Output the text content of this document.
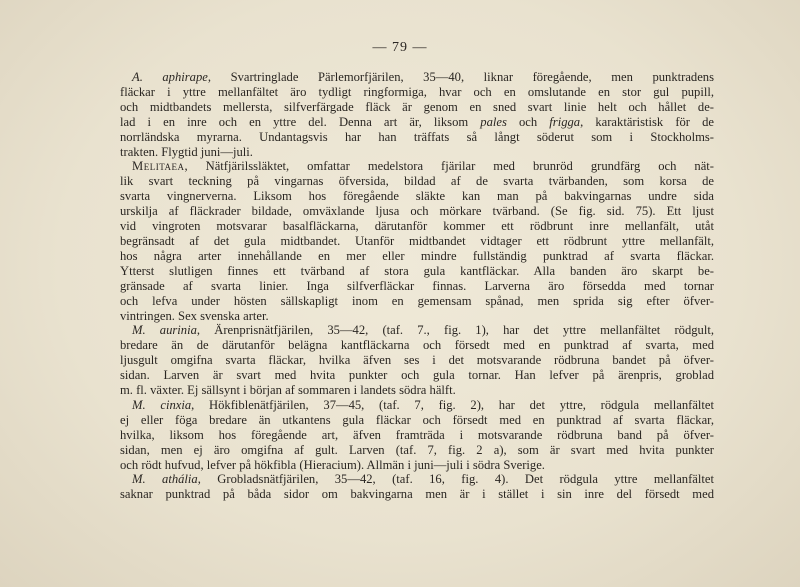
— 79 —
A. aphirape, Svartringlade Pärlemorfjärilen, 35—40, liknar föregående, men punktradens
fläckar i yttre mellanfältet äro tydligt ringformiga, hvar och en omslutande en stor gul pupill,
och midtbandets mellersta, silfverfärgade fläck är genom en sned svart linie helt och hållet de-
lad i en inre och en yttre del. Denna art är, liksom pales och frigga, karaktäristisk för de
norrländska myrarna. Undantagsvis har han träffats så långt söderut som i Stockholms-
trakten. Flygtid juni—juli.
Melitaea, Nätfjärilssläktet, omfattar medelstora fjärilar med brunröd grundfärg och nät-
lik svart teckning på vingarnas öfversida, bildad af de svarta tvärbanden, som korsa de
svarta vingnerverna. Liksom hos föregående släkte kan man på bakvingarnas undre sida
urskilja af fläckrader bildade, omväxlande ljusa och mörkare tvärband. (Se fig. sid. 75). Ett ljust
vid vingroten motsvarar basalfläckarna, därutanför kommer ett rödbrunt inre mellanfält, utåt
begränsadt af det gula midtbandet. Utanför midtbandet vidtager ett rödbrunt yttre mellanfält,
hos några arter innehållande en mer eller mindre fullständig punktrad af svarta fläckar.
Ytterst slutligen finnes ett tvärband af stora gula kantfläckar. Alla banden äro skarpt be-
gränsade af svarta linier. Inga silfverfläckar finnas. Larverna äro försedda med tornar
och lefva under hösten sällskapligt inom en gemensam spånad, men sprida sig efter öfver-
vintringen. Sex svenska arter.
M. aurinia, Ärenprisnätfjärilen, 35—42, (taf. 7., fig. 1), har det yttre mellanfältet rödgult,
bredare än de därutanför belägna kantfläckarna och försedt med en punktrad af svarta, med
ljusgult omgifna svarta fläckar, hvilka äfven ses i det motsvarande rödbruna bandet på öfver-
sidan. Larven är svart med hvita punkter och gula tornar. Han lefver på ärenpris, groblad
m. fl. växter. Ej sällsynt i början af sommaren i landets södra hälft.
M. cinxia, Hökfiblenätfjärilen, 37—45, (taf. 7, fig. 2), har det yttre, rödgula mellanfältet
ej eller föga bredare än utkantens gula fläckar och försedt med en punktrad af svarta fläckar,
hvilka, liksom hos föregående art, äfven framträda i motsvarande rödbruna band på öfver-
sidan, men ej äro omgifna af gult. Larven (taf. 7, fig. 2 a), som är svart med hvita punkter
och rödt hufvud, lefver på hökfibla (Hieracium). Allmän i juni—juli i södra Sverige.
M. athália, Grobladsnätfjärilen, 35—42, (taf. 16, fig. 4). Det rödgula yttre mellanfältet
saknar punktrad på båda sidor om bakvingarna men är i stället i sin inre del försedt med
